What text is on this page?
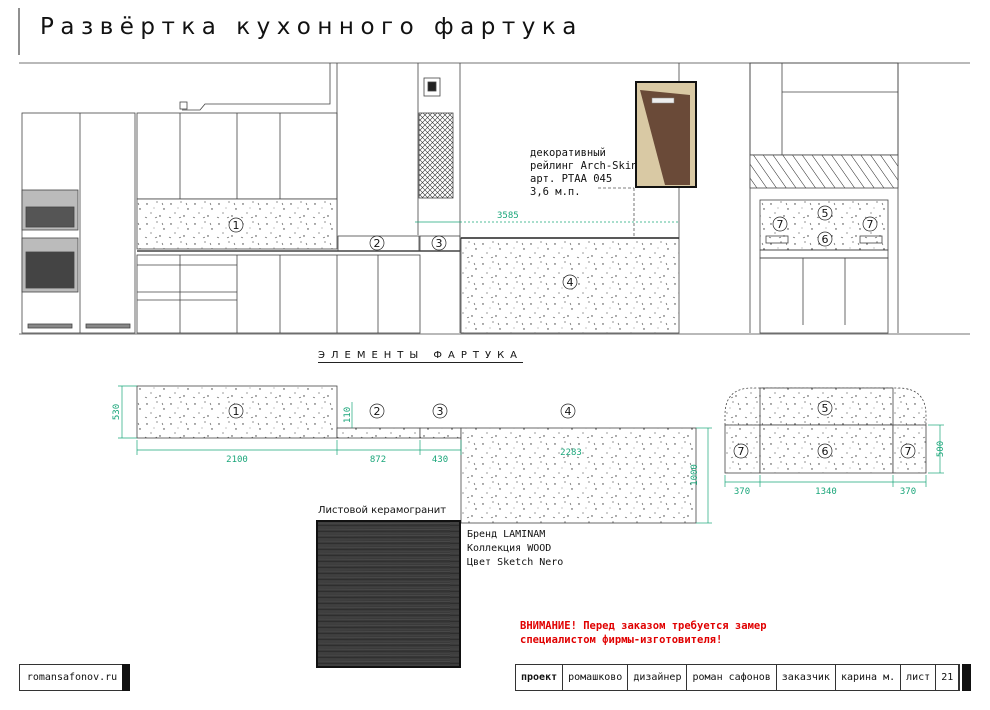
Развёртка кухонного фартука
3585
1
2	3
4
5
6
7	7
1	2	3	4	5
6
7	7
530	110
1000
500
2100	872	430
2283
370	1340	370
декоративный
рейлинг Arch-Skin
арт. PTAA 045
3,6 м.п.
ЭЛЕМЕНТЫ ФАРТУКА
Листовой керамогранит
Бренд LAMINAM
Коллекция WOOD
Цвет Sketch Nero
ВНИМАНИЕ! Перед заказом требуется замер
специалистом фирмы-изготовителя!
romansafonov.ru	проект	ромашково	дизайнер	роман сафонов	заказчик	карина м.	лист	21
